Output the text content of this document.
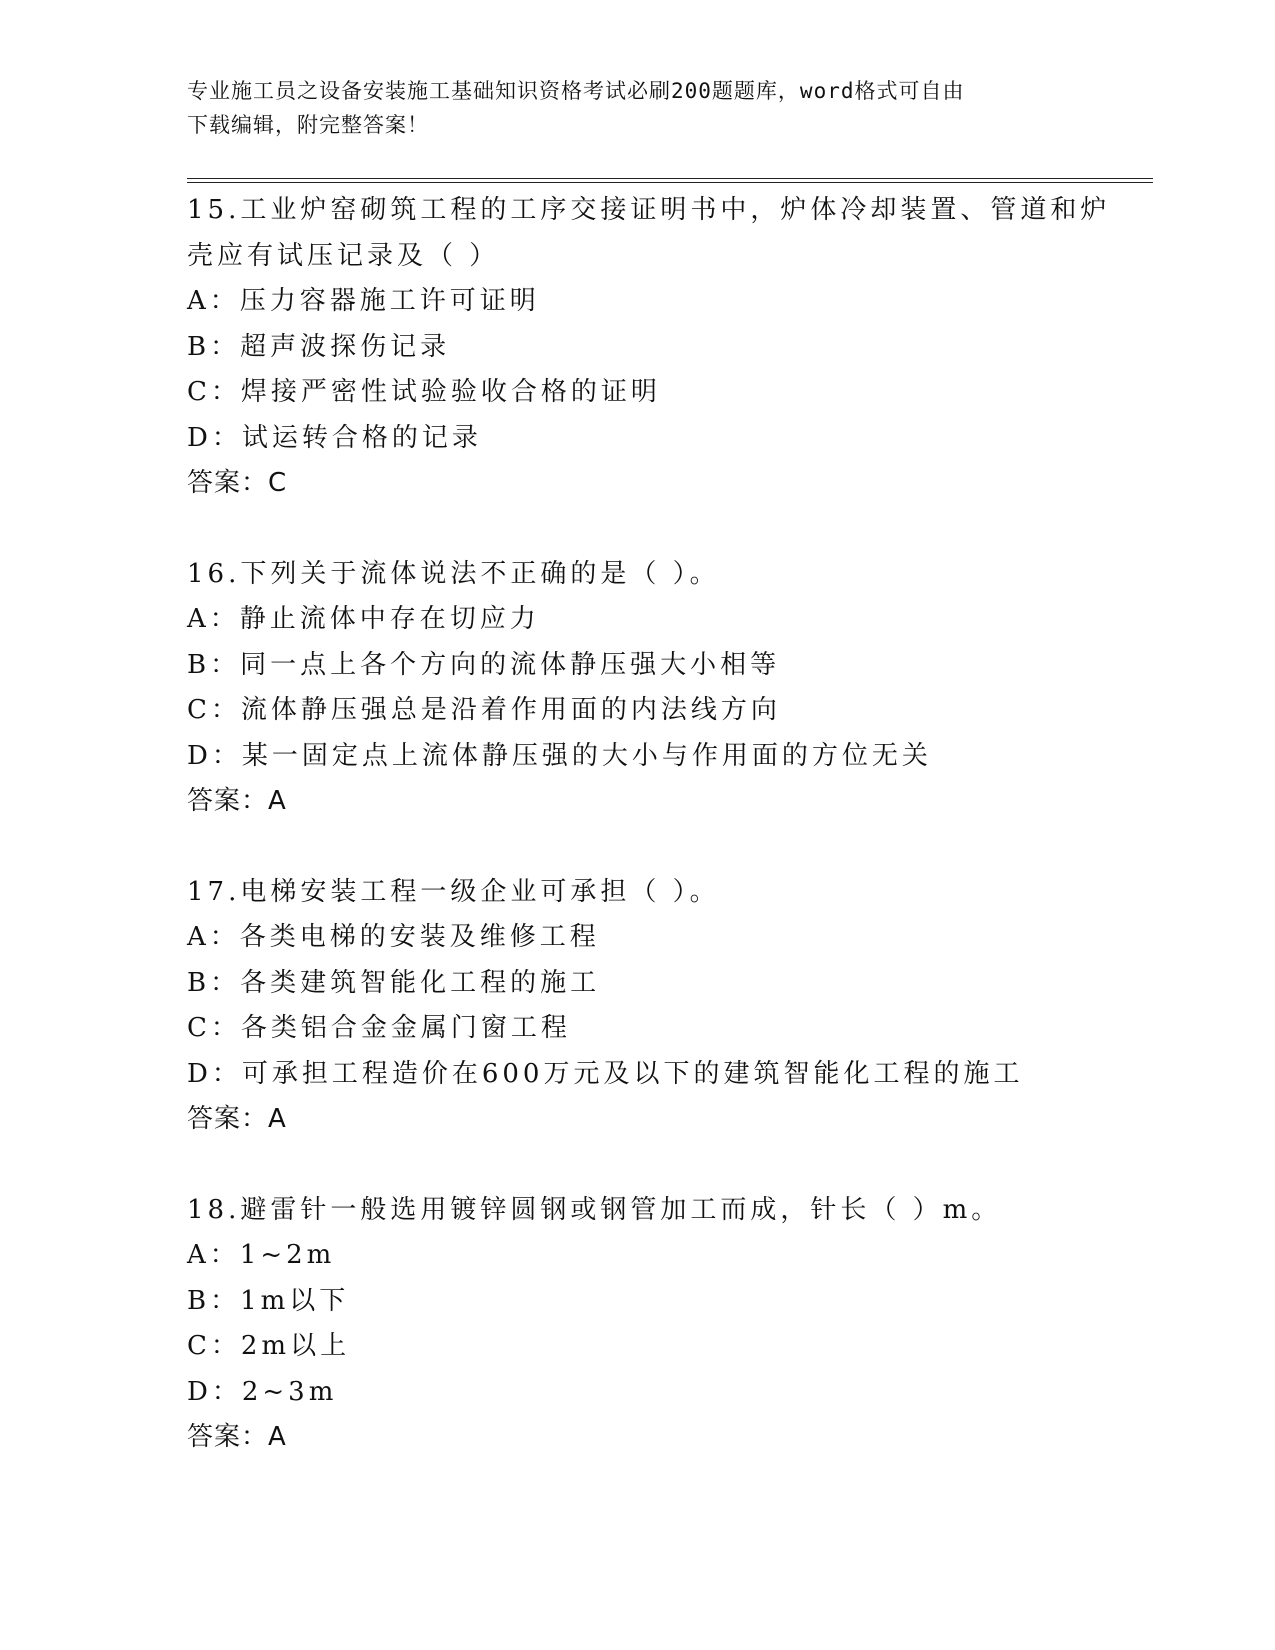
专业施工员之设备安装施工基础知识资格考试必刷200题题库，word格式可自由
下载编辑，附完整答案！
15.工业炉窑砌筑工程的工序交接证明书中，炉体冷却装置、管道和炉
壳应有试压记录及（ ）
A：压力容器施工许可证明
B：超声波探伤记录
C：焊接严密性试验验收合格的证明
D：试运转合格的记录
答案：C
16.下列关于流体说法不正确的是（ ）。
A：静止流体中存在切应力
B：同一点上各个方向的流体静压强大小相等
C：流体静压强总是沿着作用面的内法线方向
D：某一固定点上流体静压强的大小与作用面的方位无关
答案：A
17.电梯安装工程一级企业可承担（ ）。
A：各类电梯的安装及维修工程
B：各类建筑智能化工程的施工
C：各类铝合金金属门窗工程
D：可承担工程造价在600万元及以下的建筑智能化工程的施工
答案：A
18.避雷针一般选用镀锌圆钢或钢管加工而成，针长（ ）m。
A：1~2m
B：1m以下
C：2m以上
D：2~3m
答案：A
